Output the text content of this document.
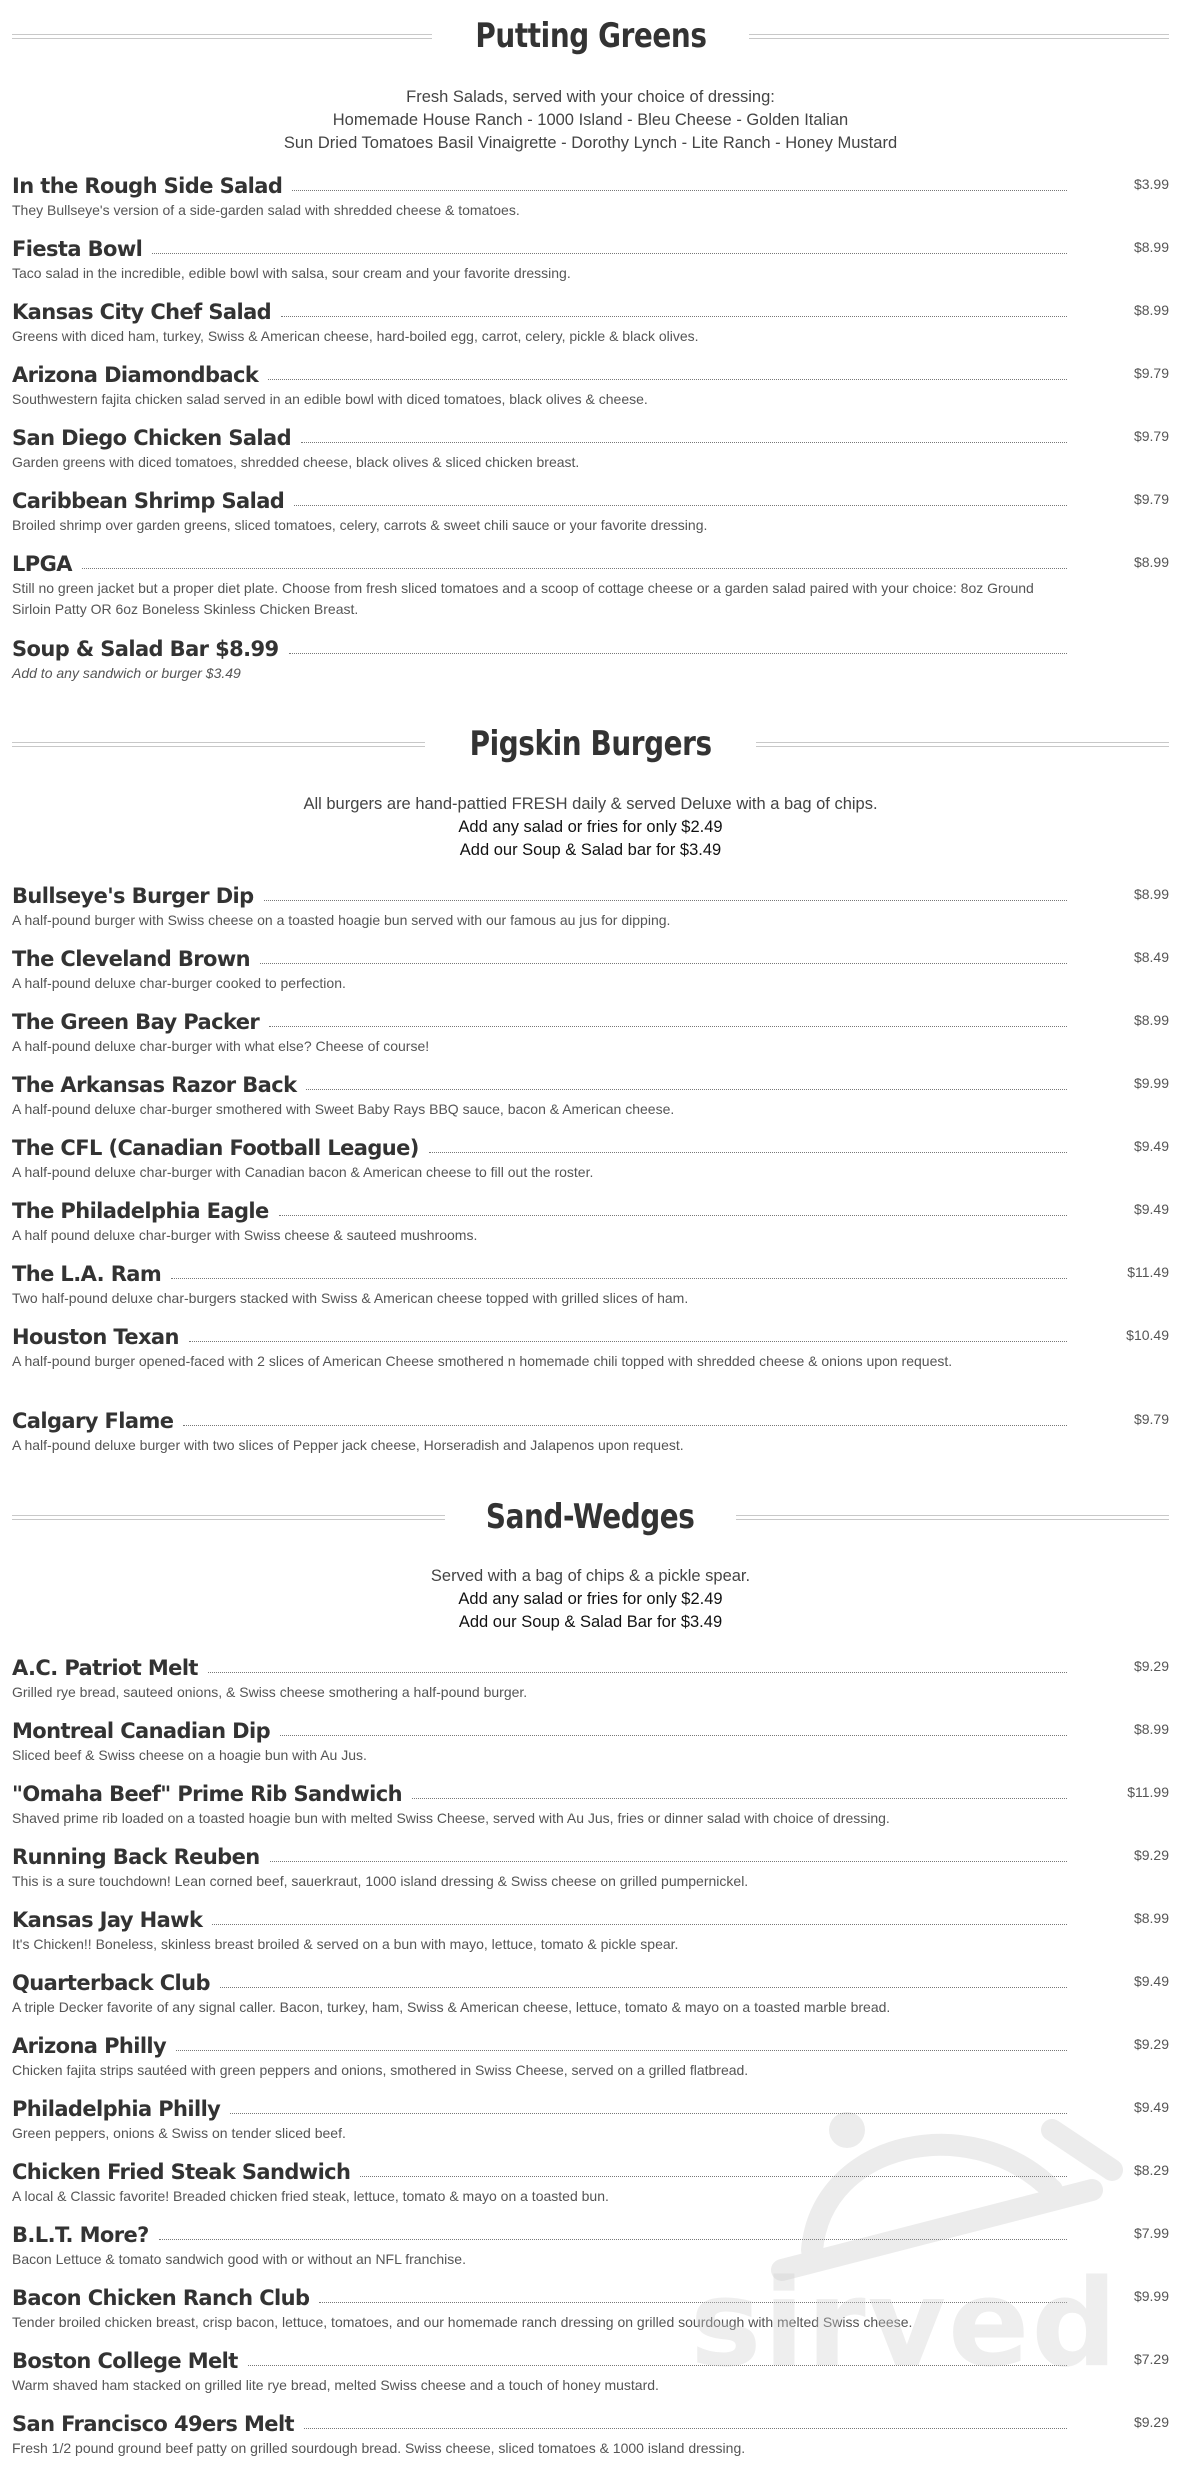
Putting Greens
Fresh Salads, served with your choice of dressing:
Homemade House Ranch - 1000 Island - Bleu Cheese - Golden Italian
Sun Dried Tomatoes Basil Vinaigrette - Dorothy Lynch - Lite Ranch - Honey Mustard
In the Rough Side Salad	$3.99
They Bullseye's version of a side-garden salad with shredded cheese & tomatoes.
Fiesta Bowl	$8.99
Taco salad in the incredible, edible bowl with salsa, sour cream and your favorite dressing.
Kansas City Chef Salad	$8.99
Greens with diced ham, turkey, Swiss & American cheese, hard-boiled egg, carrot, celery, pickle & black olives.
Arizona Diamondback	$9.79
Southwestern fajita chicken salad served in an edible bowl with diced tomatoes, black olives & cheese.
San Diego Chicken Salad	$9.79
Garden greens with diced tomatoes, shredded cheese, black olives & sliced chicken breast.
Caribbean Shrimp Salad	$9.79
Broiled shrimp over garden greens, sliced tomatoes, celery, carrots & sweet chili sauce or your favorite dressing.
LPGA	$8.99
Still no green jacket but a proper diet plate. Choose from fresh sliced tomatoes and a scoop of cottage cheese or a garden salad paired with your choice: 8oz Ground Sirloin Patty OR 6oz Boneless Skinless Chicken Breast.
Soup & Salad Bar $8.99
Add to any sandwich or burger $3.49
Pigskin Burgers
All burgers are hand-pattied FRESH daily & served Deluxe with a bag of chips.
Add any salad or fries for only $2.49
Add our Soup & Salad bar for $3.49
Bullseye's Burger Dip	$8.99
A half-pound burger with Swiss cheese on a toasted hoagie bun served with our famous au jus for dipping.
The Cleveland Brown	$8.49
A half-pound deluxe char-burger cooked to perfection.
The Green Bay Packer	$8.99
A half-pound deluxe char-burger with what else? Cheese of course!
The Arkansas Razor Back	$9.99
A half-pound deluxe char-burger smothered with Sweet Baby Rays BBQ sauce, bacon & American cheese.
The CFL (Canadian Football League)	$9.49
A half-pound deluxe char-burger with Canadian bacon & American cheese to fill out the roster.
The Philadelphia Eagle	$9.49
A half pound deluxe char-burger with Swiss cheese & sauteed mushrooms.
The L.A. Ram	$11.49
Two half-pound deluxe char-burgers stacked with Swiss & American cheese topped with grilled slices of ham.
Houston Texan	$10.49
A half-pound burger opened-faced with 2 slices of American Cheese smothered n homemade chili topped with shredded cheese & onions upon request.
Calgary Flame	$9.79
A half-pound deluxe burger with two slices of Pepper jack cheese, Horseradish and Jalapenos upon request.
Sand-Wedges
Served with a bag of chips & a pickle spear.
Add any salad or fries for only $2.49
Add our Soup & Salad Bar for $3.49
A.C. Patriot Melt	$9.29
Grilled rye bread, sauteed onions, & Swiss cheese smothering a half-pound burger.
Montreal Canadian Dip	$8.99
Sliced beef & Swiss cheese on a hoagie bun with Au Jus.
"Omaha Beef" Prime Rib Sandwich	$11.99
Shaved prime rib loaded on a toasted hoagie bun with melted Swiss Cheese, served with Au Jus, fries or dinner salad with choice of dressing.
Running Back Reuben	$9.29
This is a sure touchdown! Lean corned beef, sauerkraut, 1000 island dressing & Swiss cheese on grilled pumpernickel.
Kansas Jay Hawk	$8.99
It's Chicken!! Boneless, skinless breast broiled & served on a bun with mayo, lettuce, tomato & pickle spear.
Quarterback Club	$9.49
A triple Decker favorite of any signal caller. Bacon, turkey, ham, Swiss & American cheese, lettuce, tomato & mayo on a toasted marble bread.
Arizona Philly	$9.29
Chicken fajita strips sautéed with green peppers and onions, smothered in Swiss Cheese, served on a grilled flatbread.
Philadelphia Philly	$9.49
Green peppers, onions & Swiss on tender sliced beef.
Chicken Fried Steak Sandwich	$8.29
A local & Classic favorite! Breaded chicken fried steak, lettuce, tomato & mayo on a toasted bun.
B.L.T. More?	$7.99
Bacon Lettuce & tomato sandwich good with or without an NFL franchise.
Bacon Chicken Ranch Club	$9.99
Tender broiled chicken breast, crisp bacon, lettuce, tomatoes, and our homemade ranch dressing on grilled sourdough with melted Swiss cheese.
Boston College Melt	$7.29
Warm shaved ham stacked on grilled lite rye bread, melted Swiss cheese and a touch of honey mustard.
San Francisco 49ers Melt	$9.29
Fresh 1/2 pound ground beef patty on grilled sourdough bread. Swiss cheese, sliced tomatoes & 1000 island dressing.
sirved
